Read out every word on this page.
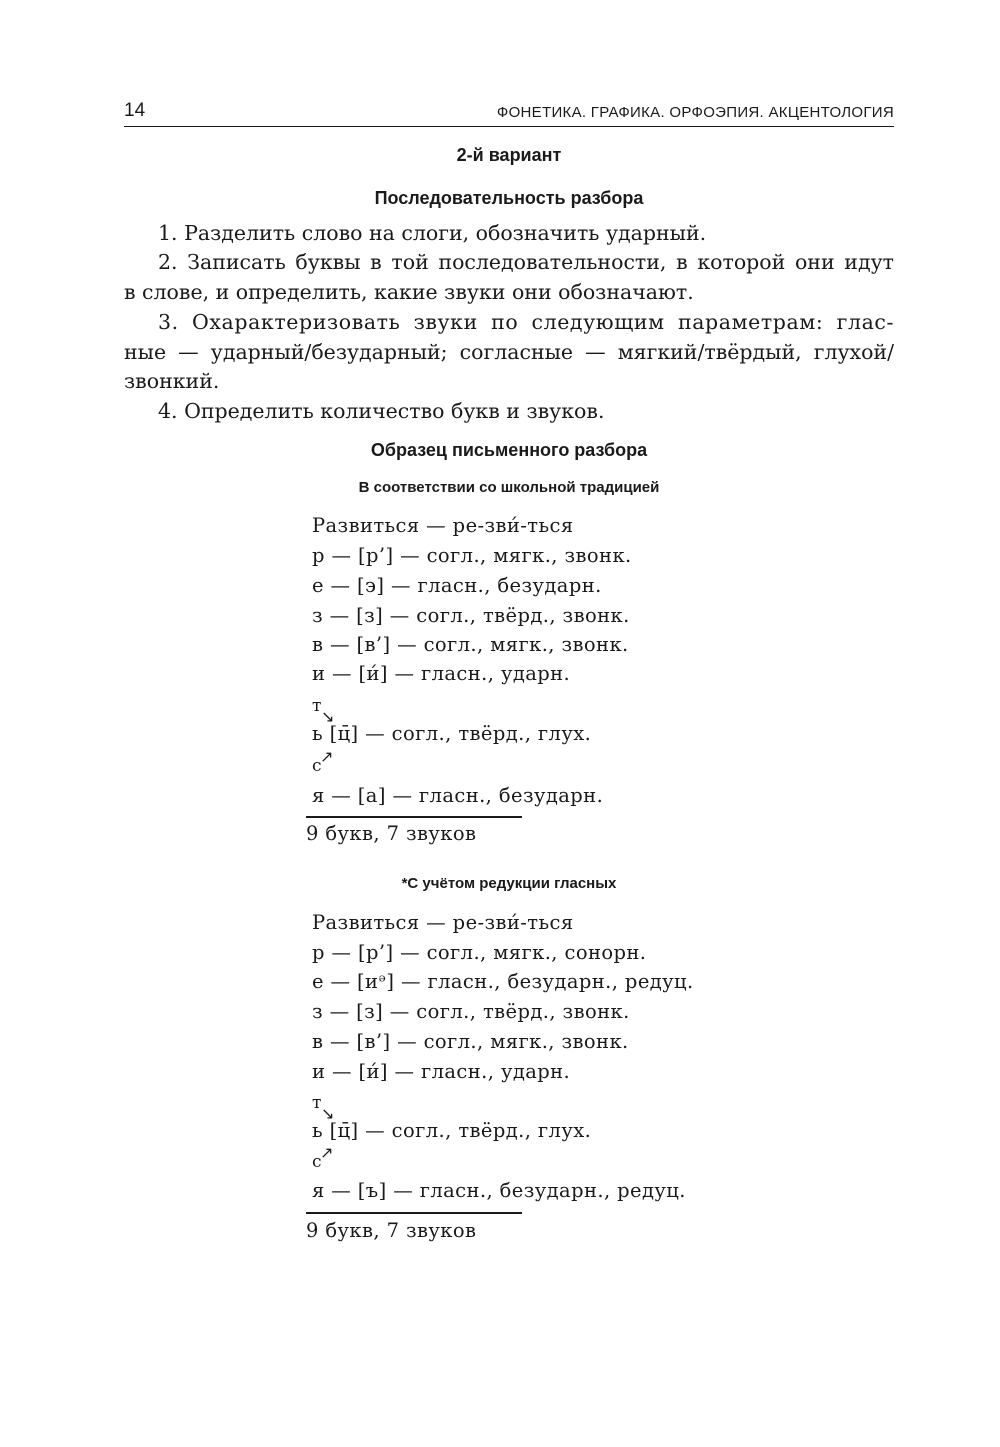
14	ФОНЕТИКА. ГРАФИКА. ОРФОЭПИЯ. АКЦЕНТОЛОГИЯ
2-й вариант
Последовательность разбора
1. Разделить слово на слоги, обозначить ударный.
2. Записать буквы в той последовательности, в которой они идут
в слове, и определить, какие звуки они обозначают.
3. Охарактеризовать звуки по следующим параметрам: глас-
ные — ударный/безударный; согласные — мягкий/твёрдый, глухой/
звонкий.
4. Определить количество букв и звуков.
Образец письменного разбора
В соответствии со школьной традицией
Развиться — ре-зви́-ться
р — [р’] — согл., мягк., звонк.
е — [э] — гласн., безударн.
з — [з] — согл., твёрд., звонк.
в — [в’] — согл., мягк., звонк.
и — [и́] — гласн., ударн.
т
↘
ь [ц̄] — согл., твёрд., глух.
↗
с
я — [а] — гласн., безударн.
9 букв, 7 звуков
*С учётом редукции гласных
Развиться — ре-зви́-ться
р — [р’] — согл., мягк., сонорн.
е — [иᵊ] — гласн., безударн., редуц.
з — [з] — согл., твёрд., звонк.
в — [в’] — согл., мягк., звонк.
и — [и́] — гласн., ударн.
т
↘
ь [ц̄] — согл., твёрд., глух.
↗
с
я — [ъ] — гласн., безударн., редуц.
9 букв, 7 звуков
